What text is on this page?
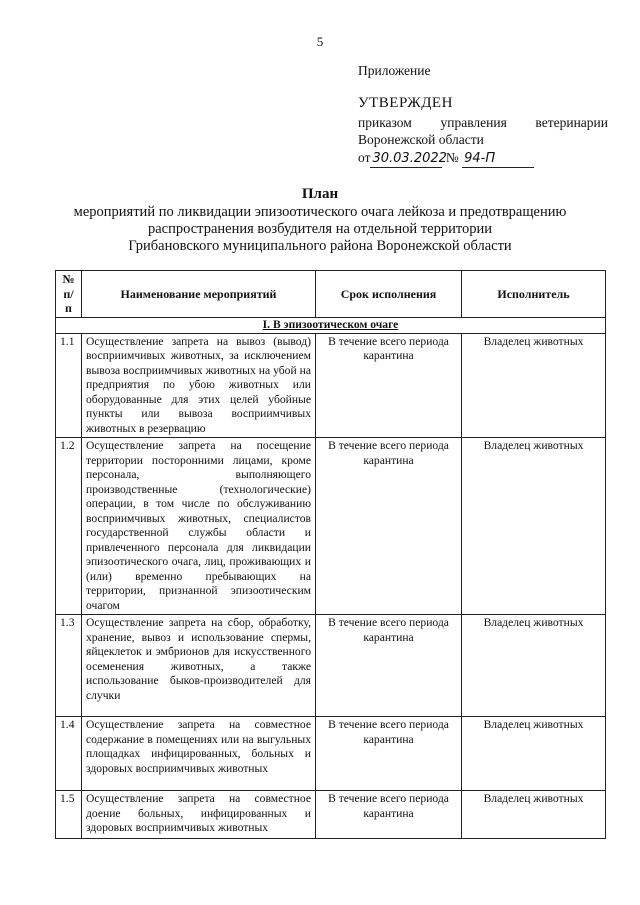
5
Приложение
УТВЕРЖДЕН
приказом управления ветеринарии
Воронежской области
от 30.03.2022 № 94-П
План
мероприятий по ликвидации эпизоотического очага лейкоза и предотвращению
распространения возбудителя на отдельной территории
Грибановского муниципального района Воронежской области
№ п/п	Наименование мероприятий	Срок исполнения	Исполнитель
I. В эпизоотическом очаге			
1.1	Осуществление запрета на вывоз (вывод) восприимчивых животных, за исключением вывоза восприимчивых животных на убой на предприятия по убою животных или оборудованные для этих целей убойные пункты или вывоза восприимчивых животных в резервацию	В течение всего периода карантина	Владелец животных
1.2	Осуществление запрета на посещение территории посторонними лицами, кроме персонала, выполняющего производственные (технологические) операции, в том числе по обслуживанию восприимчивых животных, специалистов государственной службы области и привлеченного персонала для ликвидации эпизоотического очага, лиц, проживающих и (или) временно пребывающих на территории, признанной эпизоотическим очагом	В течение всего периода карантина	Владелец животных
1.3	Осуществление запрета на сбор, обработку, хранение, вывоз и использование спермы, яйцеклеток и эмбрионов для искусственного осеменения животных, а также использование быков-производителей для случки	В течение всего периода карантина	Владелец животных
1.4	Осуществление запрета на совместное содержание в помещениях или на выгульных площадках инфицированных, больных и здоровых восприимчивых животных	В течение всего периода карантина	Владелец животных
1.5	Осуществление запрета на совместное доение больных, инфицированных и здоровых восприимчивых животных	В течение всего периода карантина	Владелец животных
